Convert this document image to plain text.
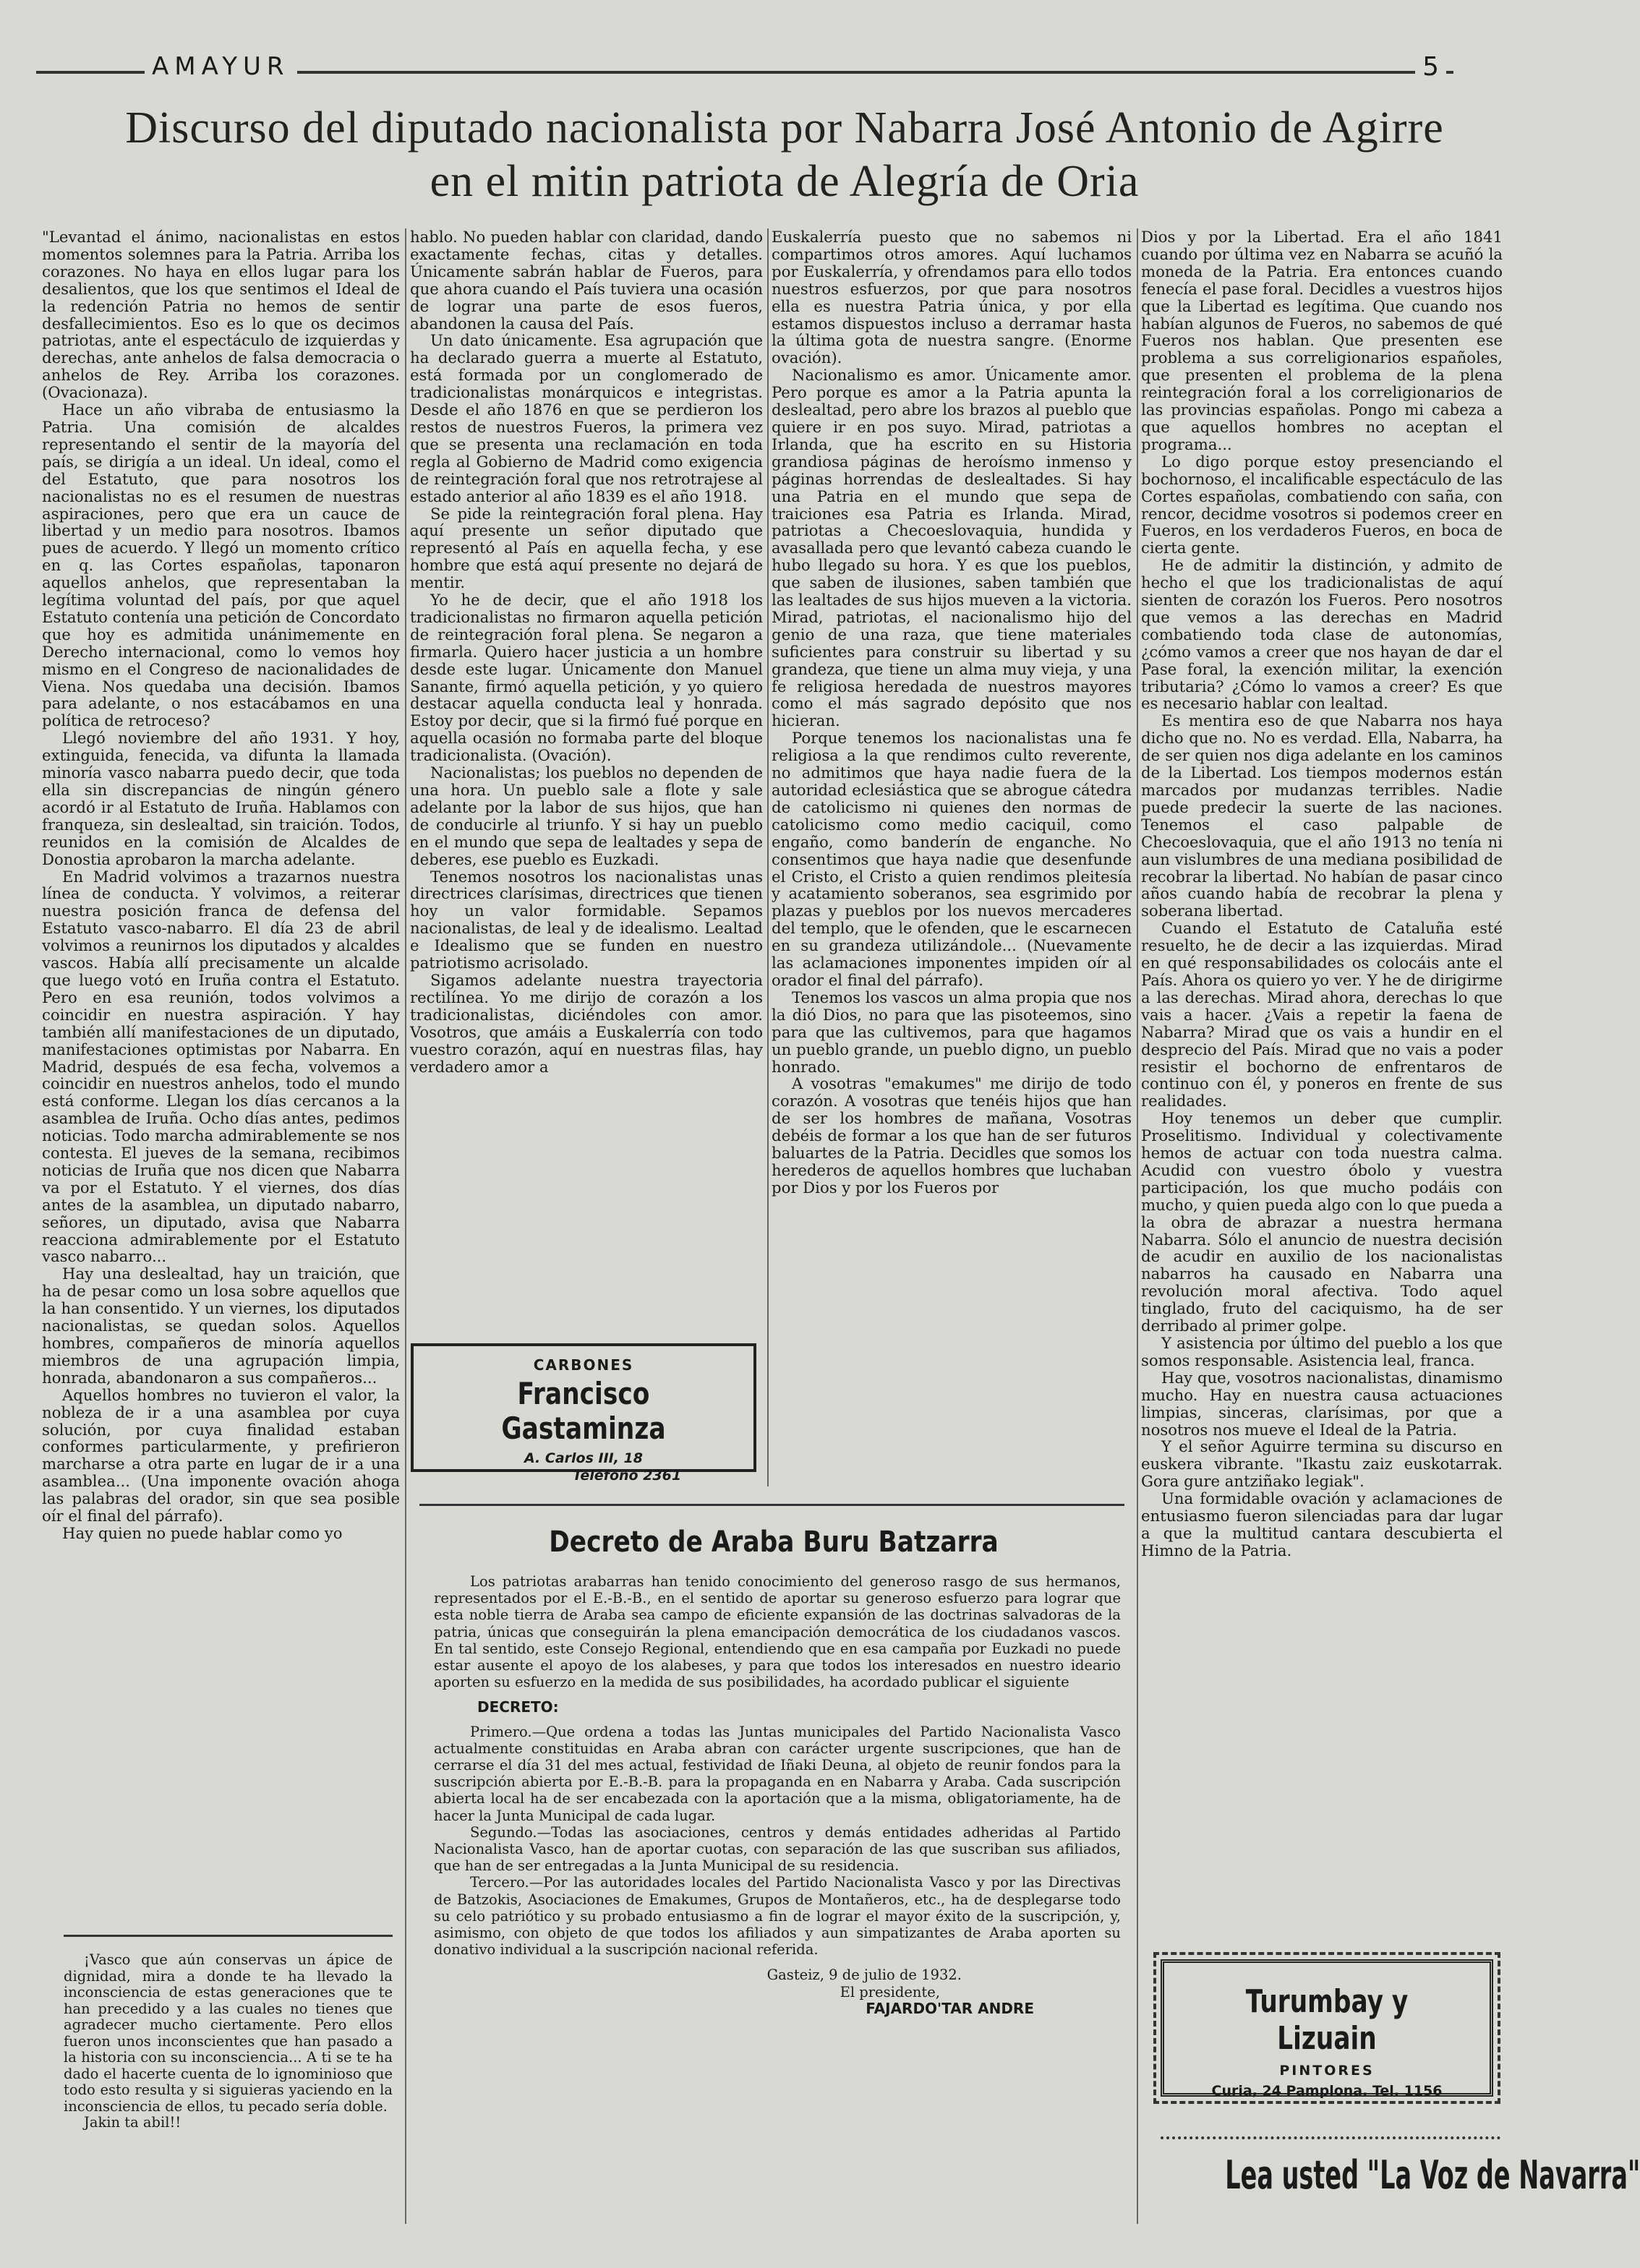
AMAYUR	5
Discurso del diputado nacionalista por Nabarra José Antonio de Agirre
en el mitin patriota de Alegría de Oria

"Levantad el ánimo, nacionalistas en estos momentos solemnes para la Patria. Arriba los corazones. No haya en ellos lugar para los desalientos, que los que sentimos el Ideal de la redención Patria no hemos de sentir desfallecimientos. Eso es lo que os decimos patriotas, ante el espectáculo de izquierdas y derechas, ante anhelos de falsa democracia o anhelos de Rey. Arriba los corazones. (Ovacionaza).

Hace un año vibraba de entusiasmo la Patria. Una comisión de alcaldes representando el sentir de la mayoría del país, se dirigía a un ideal. Un ideal, como el del Estatuto, que para nosotros los nacionalistas no es el resumen de nuestras aspiraciones, pero que era un cauce de libertad y un medio para nosotros. Ibamos pues de acuerdo. Y llegó un momento crítico en q. las Cortes españolas, taponaron aquellos anhelos, que representaban la legítima voluntad del país, por que aquel Estatuto contenía una petición de Concordato que hoy es admitida unánimemente en Derecho internacional, como lo vemos hoy mismo en el Congreso de nacionalidades de Viena. Nos quedaba una decisión. Ibamos para adelante, o nos estacábamos en una política de retroceso?

Llegó noviembre del año 1931. Y hoy, extinguida, fenecida, va difunta la llamada minoría vasco nabarra puedo decir, que toda ella sin discrepancias de ningún género acordó ir al Estatuto de Iruña. Hablamos con franqueza, sin deslealtad, sin traición. Todos, reunidos en la comisión de Alcaldes de Donostia aprobaron la marcha adelante.

En Madrid volvimos a trazarnos nuestra línea de conducta. Y volvimos, a reiterar nuestra posición franca de defensa del Estatuto vasco-nabarro. El día 23 de abril volvimos a reunirnos los diputados y alcaldes vascos. Había allí precisamente un alcalde que luego votó en Iruña contra el Estatuto. Pero en esa reunión, todos volvimos a coincidir en nuestra aspiración. Y hay también allí manifestaciones de un diputado, manifestaciones optimistas por Nabarra. En Madrid, después de esa fecha, volvemos a coincidir en nuestros anhelos, todo el mundo está conforme. Llegan los días cercanos a la asamblea de Iruña. Ocho días antes, pedimos noticias. Todo marcha admirablemente se nos contesta. El jueves de la semana, recibimos noticias de Iruña que nos dicen que Nabarra va por el Estatuto. Y el viernes, dos días antes de la asamblea, un diputado nabarro, señores, un diputado, avisa que Nabarra reacciona admirablemente por el Estatuto vasco nabarro...

Hay una deslealtad, hay un traición, que ha de pesar como un losa sobre aquellos que la han consentido. Y un viernes, los diputados nacionalistas, se quedan solos. Aquellos hombres, compañeros de minoría aquellos miembros de una agrupación limpia, honrada, abandonaron a sus compañeros...

Aquellos hombres no tuvieron el valor, la nobleza de ir a una asamblea por cuya solución, por cuya finalidad estaban conformes particularmente, y prefirieron marcharse a otra parte en lugar de ir a una asamblea... (Una imponente ovación ahoga las palabras del orador, sin que sea posible oír el final del párrafo).

Hay quien no puede hablar como yo

¡Vasco que aún conservas un ápice de dignidad, mira a donde te ha llevado la inconsciencia de estas generaciones que te han precedido y a las cuales no tienes que agradecer mucho ciertamente. Pero ellos fueron unos inconscientes que han pasado a la historia con su inconsciencia... A ti se te ha dado el hacerte cuenta de lo ignominioso que todo esto resulta y si siguieras yaciendo en la inconsciencia de ellos, tu pecado sería doble.

Jakin ta abil!!

hablo. No pueden hablar con claridad, dando exactamente fechas, citas y detalles. Únicamente sabrán hablar de Fueros, para que ahora cuando el País tuviera una ocasión de lograr una parte de esos fueros, abandonen la causa del País.

Un dato únicamente. Esa agrupación que ha declarado guerra a muerte al Estatuto, está formada por un conglomerado de tradicionalistas monárquicos e integristas. Desde el año 1876 en que se perdieron los restos de nuestros Fueros, la primera vez que se presenta una reclamación en toda regla al Gobierno de Madrid como exigencia de reintegración foral que nos retrotrajese al estado anterior al año 1839 es el año 1918.

Se pide la reintegración foral plena. Hay aquí presente un señor diputado que representó al País en aquella fecha, y ese hombre que está aquí presente no dejará de mentir.

Yo he de decir, que el año 1918 los tradicionalistas no firmaron aquella petición de reintegración foral plena. Se negaron a firmarla. Quiero hacer justicia a un hombre desde este lugar. Únicamente don Manuel Sanante, firmó aquella petición, y yo quiero destacar aquella conducta leal y honrada. Estoy por decir, que si la firmó fué porque en aquella ocasión no formaba parte del bloque tradicionalista. (Ovación).

Nacionalistas; los pueblos no dependen de una hora. Un pueblo sale a flote y sale adelante por la labor de sus hijos, que han de conducirle al triunfo. Y si hay un pueblo en el mundo que sepa de lealtades y sepa de deberes, ese pueblo es Euzkadi.

Tenemos nosotros los nacionalistas unas directrices clarísimas, directrices que tienen hoy un valor formidable. Sepamos nacionalistas, de leal y de idealismo. Lealtad e Idealismo que se funden en nuestro patriotismo acrisolado.

Sigamos adelante nuestra trayectoria rectilínea. Yo me dirijo de corazón a los tradicionalistas, diciéndoles con amor. Vosotros, que amáis a Euskalerría con todo vuestro corazón, aquí en nuestras filas, hay verdadero amor a

CARBONES
Francisco Gastaminza
A. Carlos III, 18
Teléfono 2361

Euskalerría puesto que no sabemos ni compartimos otros amores. Aquí luchamos por Euskalerría, y ofrendamos para ello todos nuestros esfuerzos, por que para nosotros ella es nuestra Patria única, y por ella estamos dispuestos incluso a derramar hasta la última gota de nuestra sangre. (Enorme ovación).

Nacionalismo es amor. Únicamente amor. Pero porque es amor a la Patria apunta la deslealtad, pero abre los brazos al pueblo que quiere ir en pos suyo. Mirad, patriotas a Irlanda, que ha escrito en su Historia grandiosa páginas de heroísmo inmenso y páginas horrendas de deslealtades. Si hay una Patria en el mundo que sepa de traiciones esa Patria es Irlanda. Mirad, patriotas a Checoeslovaquia, hundida y avasallada pero que levantó cabeza cuando le hubo llegado su hora. Y es que los pueblos, que saben de ilusiones, saben también que las lealtades de sus hijos mueven a la victoria. Mirad, patriotas, el nacionalismo hijo del genio de una raza, que tiene materiales suficientes para construir su libertad y su grandeza, que tiene un alma muy vieja, y una fe religiosa heredada de nuestros mayores como el más sagrado depósito que nos hicieran.

Porque tenemos los nacionalistas una fe religiosa a la que rendimos culto reverente, no admitimos que haya nadie fuera de la autoridad eclesiástica que se abrogue cátedra de catolicismo ni quienes den normas de catolicismo como medio caciquil, como engaño, como banderín de enganche. No consentimos que haya nadie que desenfunde el Cristo, el Cristo a quien rendimos pleitesía y acatamiento soberanos, sea esgrimido por plazas y pueblos por los nuevos mercaderes del templo, que le ofenden, que le escarnecen en su grandeza utilizándole... (Nuevamente las aclamaciones imponentes impiden oír al orador el final del párrafo).

Tenemos los vascos un alma propia que nos la dió Dios, no para que las pisoteemos, sino para que las cultivemos, para que hagamos un pueblo grande, un pueblo digno, un pueblo honrado.

A vosotras "emakumes" me dirijo de todo corazón. A vosotras que tenéis hijos que han de ser los hombres de mañana, Vosotras debéis de formar a los que han de ser futuros baluartes de la Patria. Decidles que somos los herederos de aquellos hombres que luchaban por Dios y por los Fueros por

Dios y por la Libertad. Era el año 1841 cuando por última vez en Nabarra se acuñó la moneda de la Patria. Era entonces cuando fenecía el pase foral. Decidles a vuestros hijos que la Libertad es legítima. Que cuando nos habían algunos de Fueros, no sabemos de qué Fueros nos hablan. Que presenten ese problema a sus correligionarios españoles, que presenten el problema de la plena reintegración foral a los correligionarios de las provincias españolas. Pongo mi cabeza a que aquellos hombres no aceptan el programa...

Lo digo porque estoy presenciando el bochornoso, el incalificable espectáculo de las Cortes españolas, combatiendo con saña, con rencor, decidme vosotros si podemos creer en Fueros, en los verdaderos Fueros, en boca de cierta gente.

He de admitir la distinción, y admito de hecho el que los tradicionalistas de aquí sienten de corazón los Fueros. Pero nosotros que vemos a las derechas en Madrid combatiendo toda clase de autonomías, ¿cómo vamos a creer que nos hayan de dar el Pase foral, la exención militar, la exención tributaria? ¿Cómo lo vamos a creer? Es que es necesario hablar con lealtad.

Es mentira eso de que Nabarra nos haya dicho que no. No es verdad. Ella, Nabarra, ha de ser quien nos diga adelante en los caminos de la Libertad. Los tiempos modernos están marcados por mudanzas terribles. Nadie puede predecir la suerte de las naciones. Tenemos el caso palpable de Checoeslovaquia, que el año 1913 no tenía ni aun vislumbres de una mediana posibilidad de recobrar la libertad. No habían de pasar cinco años cuando había de recobrar la plena y soberana libertad.

Cuando el Estatuto de Cataluña esté resuelto, he de decir a las izquierdas. Mirad en qué responsabilidades os colocáis ante el País. Ahora os quiero yo ver. Y he de dirigirme a las derechas. Mirad ahora, derechas lo que vais a hacer. ¿Vais a repetir la faena de Nabarra? Mirad que os vais a hundir en el desprecio del País. Mirad que no vais a poder resistir el bochorno de enfrentaros de continuo con él, y poneros en frente de sus realidades.

Hoy tenemos un deber que cumplir. Proselitismo. Individual y colectivamente hemos de actuar con toda nuestra calma. Acudid con vuestro óbolo y vuestra participación, los que mucho podáis con mucho, y quien pueda algo con lo que pueda a la obra de abrazar a nuestra hermana Nabarra. Sólo el anuncio de nuestra decisión de acudir en auxilio de los nacionalistas nabarros ha causado en Nabarra una revolución moral afectiva. Todo aquel tinglado, fruto del caciquismo, ha de ser derribado al primer golpe.

Y asistencia por último del pueblo a los que somos responsable. Asistencia leal, franca.

Hay que, vosotros nacionalistas, dinamismo mucho. Hay en nuestra causa actuaciones limpias, sinceras, clarísimas, por que a nosotros nos mueve el Ideal de la Patria.

Y el señor Aguirre termina su discurso en euskera vibrante. "Ikastu zaiz euskotarrak. Gora gure antziñako legiak".

Una formidable ovación y aclamaciones de entusiasmo fueron silenciadas para dar lugar a que la multitud cantara descubierta el Himno de la Patria.

Decreto de Araba Buru Batzarra

Los patriotas arabarras han tenido conocimiento del generoso rasgo de sus hermanos, representados por el E.-B.-B., en el sentido de aportar su generoso esfuerzo para lograr que esta noble tierra de Araba sea campo de eficiente expansión de las doctrinas salvadoras de la patria, únicas que conseguirán la plena emancipación democrática de los ciudadanos vascos. En tal sentido, este Consejo Regional, entendiendo que en esa campaña por Euzkadi no puede estar ausente el apoyo de los alabeses, y para que todos los interesados en nuestro ideario aporten su esfuerzo en la medida de sus posibilidades, ha acordado publicar el siguiente

DECRETO:

Primero.—Que ordena a todas las Juntas municipales del Partido Nacionalista Vasco actualmente constituidas en Araba abran con carácter urgente suscripciones, que han de cerrarse el día 31 del mes actual, festividad de Iñaki Deuna, al objeto de reunir fondos para la suscripción abierta por E.-B.-B. para la propaganda en en Nabarra y Araba. Cada suscripción abierta local ha de ser encabezada con la aportación que a la misma, obligatoriamente, ha de hacer la Junta Municipal de cada lugar.

Segundo.—Todas las asociaciones, centros y demás entidades adheridas al Partido Nacionalista Vasco, han de aportar cuotas, con separación de las que suscriban sus afiliados, que han de ser entregadas a la Junta Municipal de su residencia.

Tercero.—Por las autoridades locales del Partido Nacionalista Vasco y por las Directivas de Batzokis, Asociaciones de Emakumes, Grupos de Montañeros, etc., ha de desplegarse todo su celo patriótico y su probado entusiasmo a fin de lograr el mayor éxito de la suscripción, y, asimismo, con objeto de que todos los afiliados y aun simpatizantes de Araba aporten su donativo individual a la suscripción nacional referida.

Gasteiz, 9 de julio de 1932.

El presidente,

FAJARDO'TAR ANDRE	Turumbay y Lizuain
PINTORES
Curia, 24 Pamplona. Tel. 1156
Lea usted "La Voz de Navarra"
